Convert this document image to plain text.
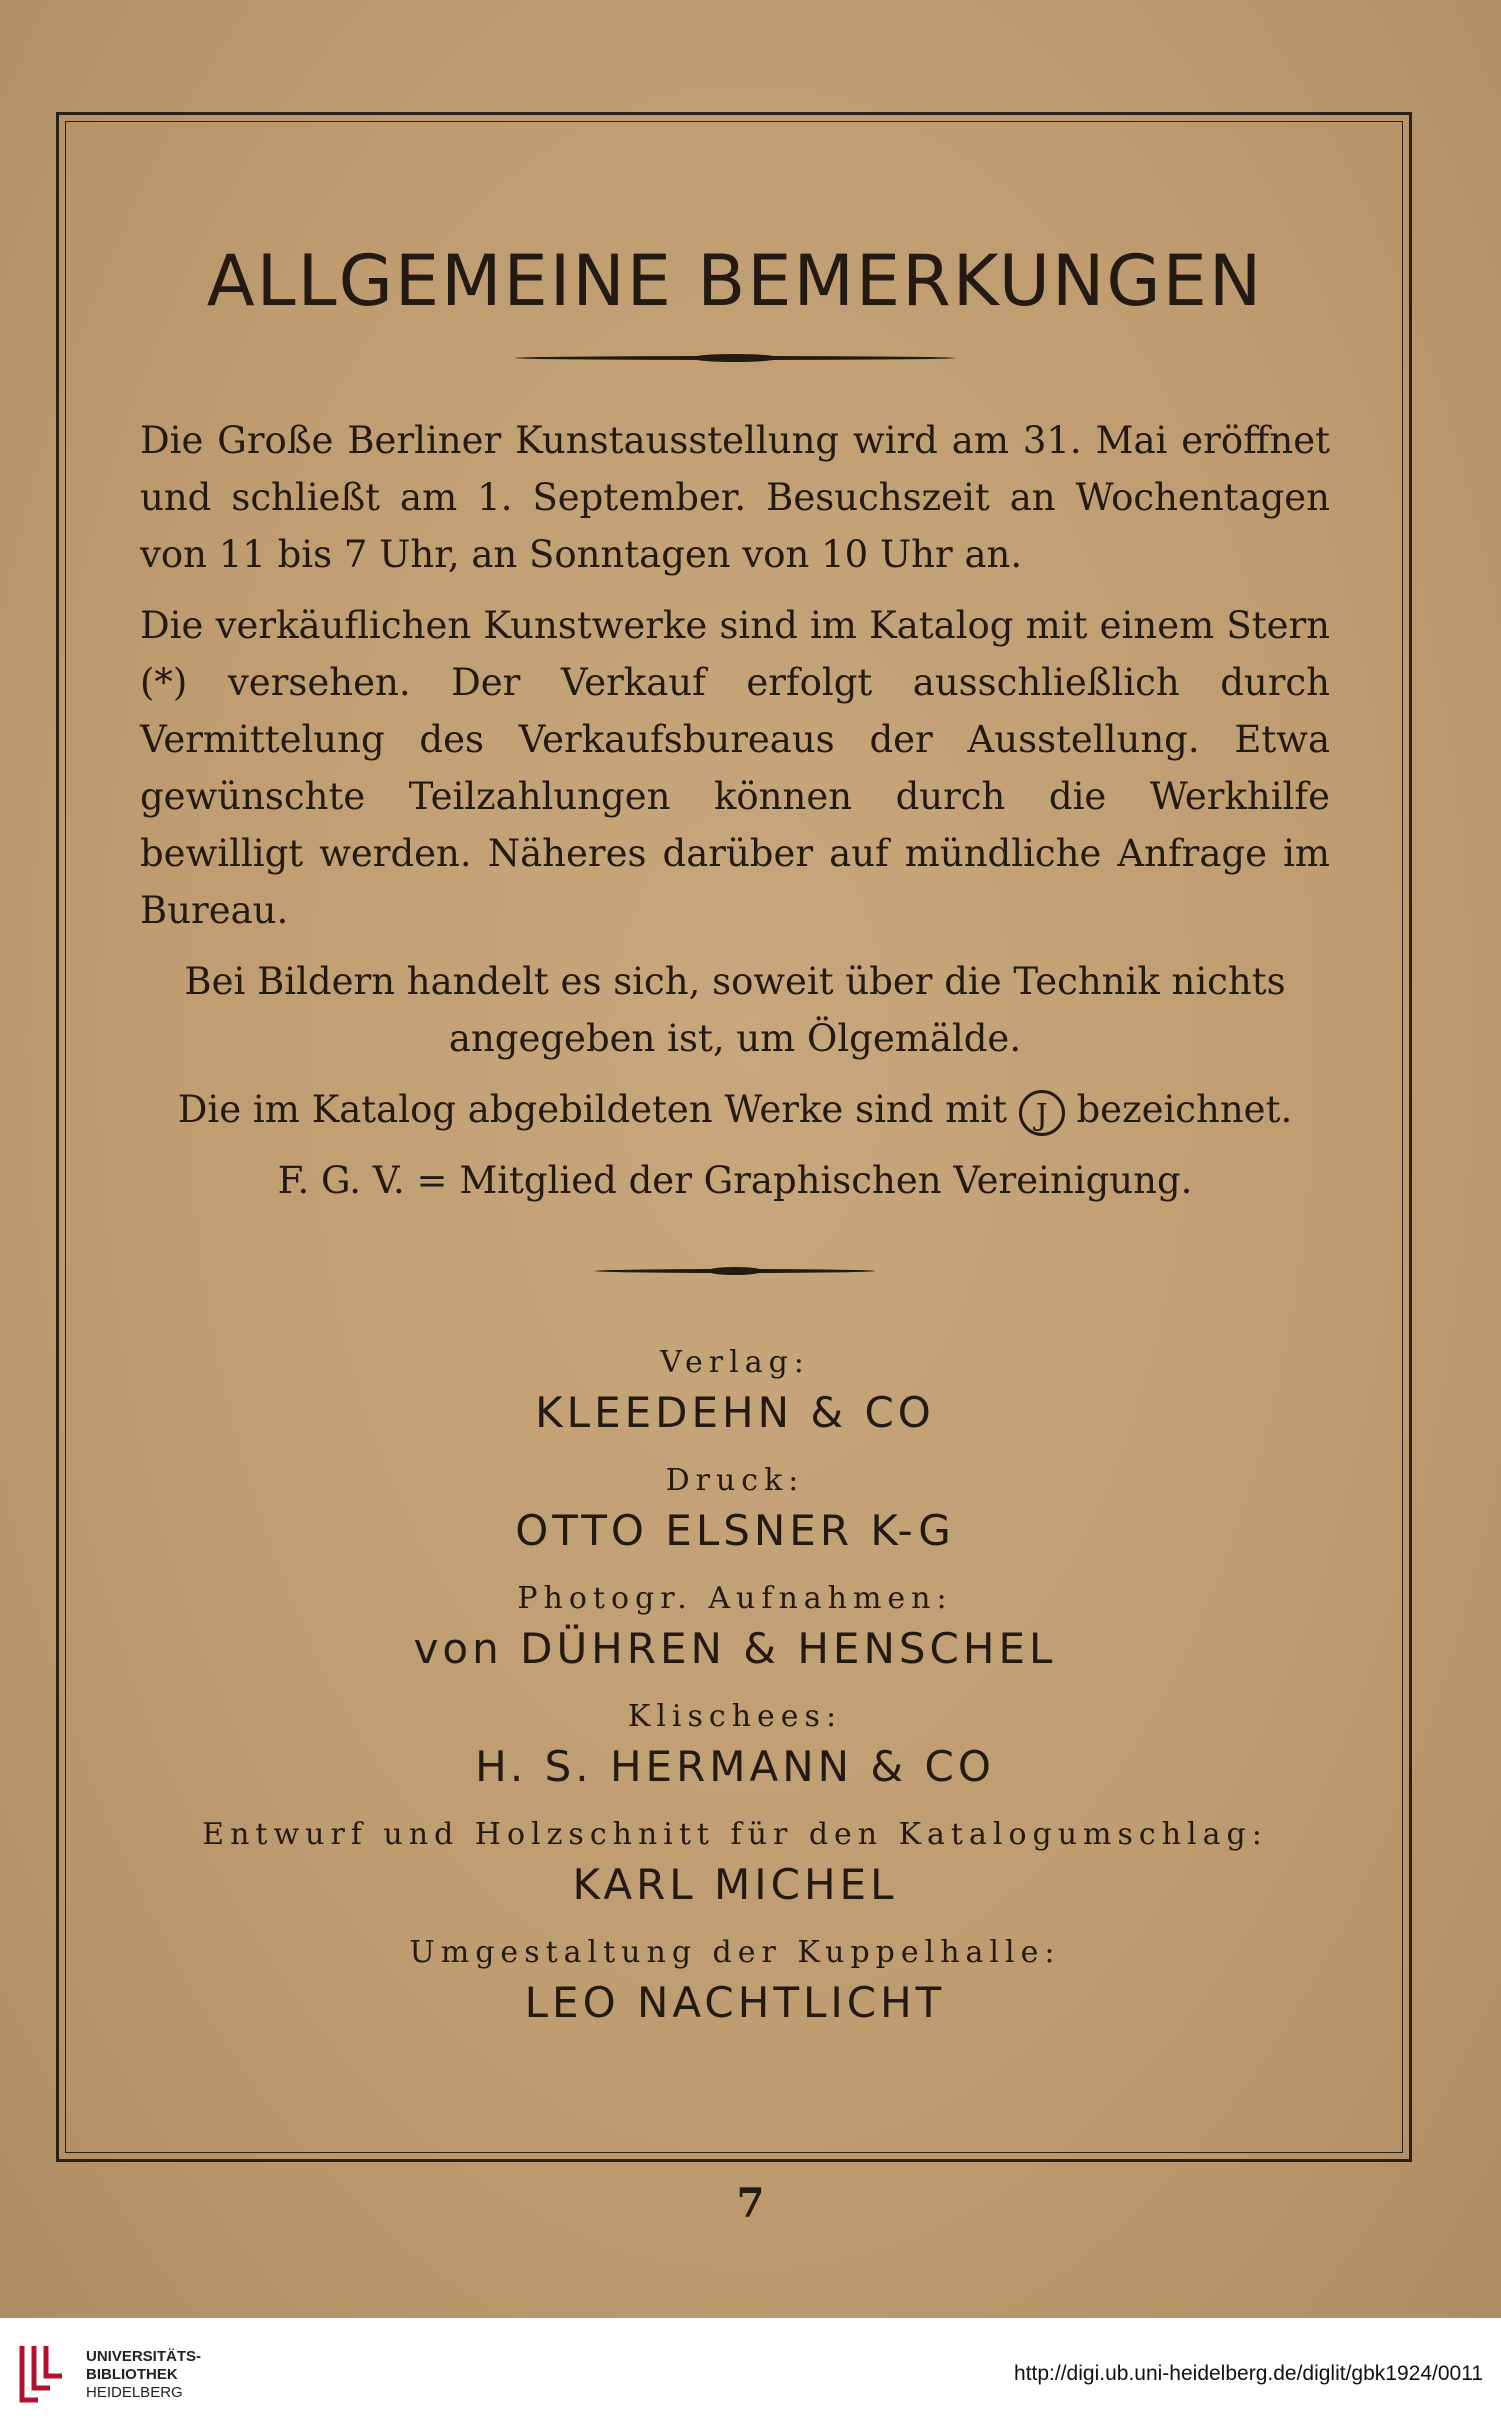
ALLGEMEINE BEMERKUNGEN

Die Große Berliner Kunstausstellung wird am 31. Mai eröffnet und schließt am 1. September. Besuchszeit an Wochentagen von 11 bis 7 Uhr, an Sonntagen von 10 Uhr an.

Die verkäuflichen Kunstwerke sind im Katalog mit einem Stern (*) versehen. Der Verkauf erfolgt ausschließlich durch Vermittelung des Verkaufsbureaus der Ausstellung. Etwa gewünschte Teilzahlungen können durch die Werkhilfe bewilligt werden. Näheres darüber auf mündliche Anfrage im Bureau.

Bei Bildern handelt es sich, soweit über die Technik nichts angegeben ist, um Ölgemälde.

Die im Katalog abgebildeten Werke sind mit J bezeichnet.

F. G. V. = Mitglied der Graphischen Vereinigung.

Verlag:

KLEEDEHN & CO

Druck:

OTTO ELSNER K-G

Photogr. Aufnahmen:

von DÜHREN & HENSCHEL

Klischees:

H. S. HERMANN & CO

Entwurf und Holzschnitt für den Katalogumschlag:

KARL MICHEL

Umgestaltung der Kuppelhalle:

LEO NACHTLICHT

7
UNIVERSITÄTS-
BIBLIOTHEK
HEIDELBERG
http://digi.ub.uni-heidelberg.de/diglit/gbk1924/0011
